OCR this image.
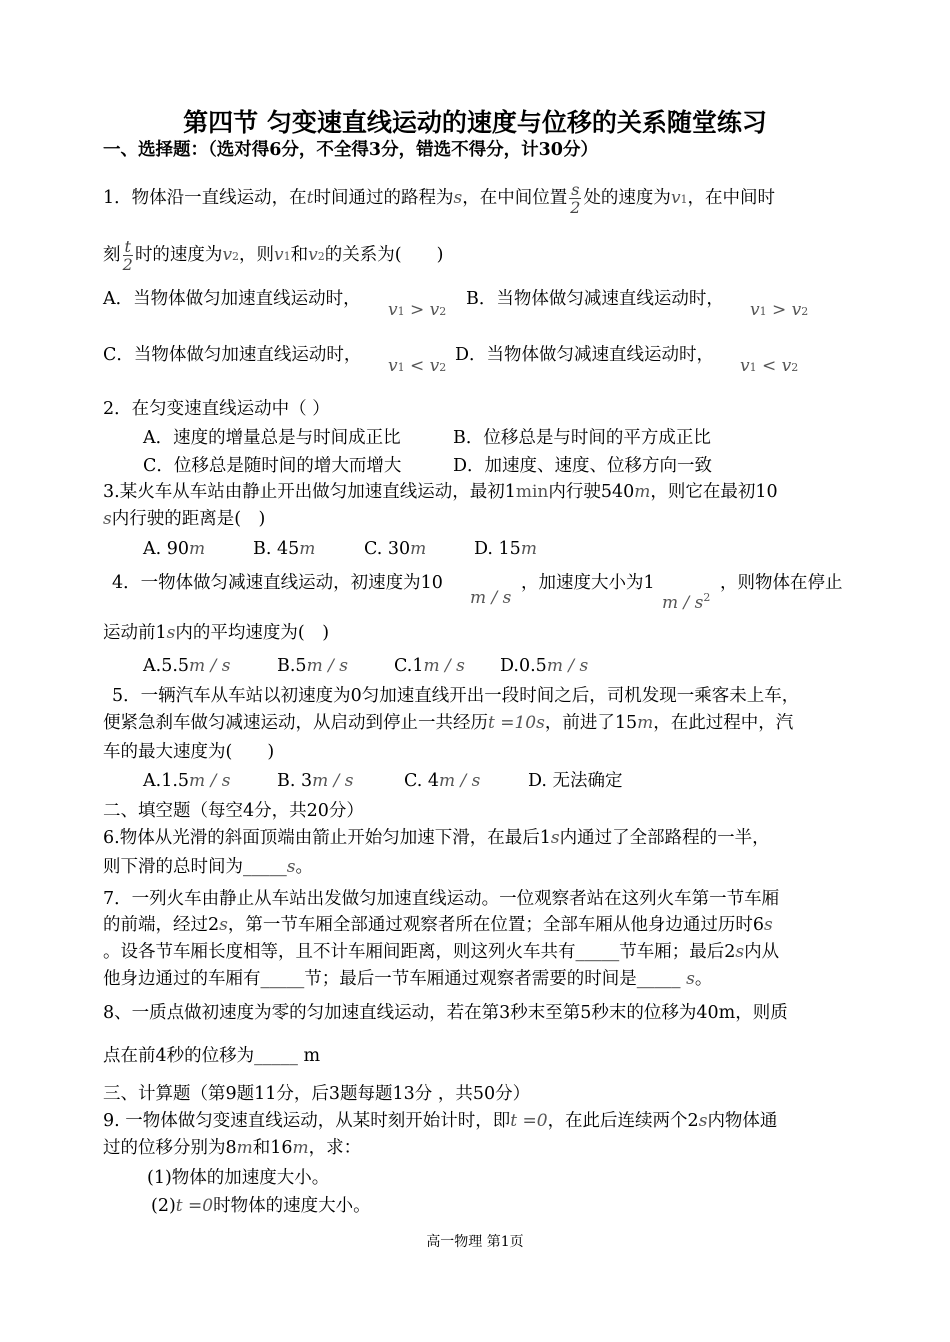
第四节 匀变速直线运动的速度与位移的关系随堂练习
一、选择题：（选对得6分，不全得3分，错选不得分，计30分）
1．物体沿一直线运动，在t时间通过的路程为s，在中间位置 $\frac{s}{2}$ 处的速度为v1，在中间时
刻 $\frac{t}{2}$ 时的速度为v2，则v1和v2的关系为(　　)
A．当物体做匀加速直线运动时，
v1 > v2
B．当物体做匀减速直线运动时，
v1 > v2
C．当物体做匀加速直线运动时，
v1 < v2
D．当物体做匀减速直线运动时，
v1 < v2
2．在匀变速直线运动中（ ）
A．速度的增量总是与时间成正比	B．位移总是与时间的平方成正比
C．位移总是随时间的增大而增大	D．加速度、速度、位移方向一致
3.某火车从车站由静止开出做匀加速直线运动，最初1min内行驶540m，则它在最初10
s内行驶的距离是(　)
A. 90m	B. 45m	C. 30m	D. 15m
4．一物体做匀减速直线运动，初速度为10
m / s
，加速度大小为1
m / $s^2$
，则物体在停止
运动前1s内的平均速度为(　)
A.5.5m / s	B.5m / s	C.1m / s D.0.5m / s
5．一辆汽车从车站以初速度为0匀加速直线开出一段时间之后，司机发现一乘客未上车，
便紧急刹车做匀减速运动，从启动到停止一共经历t =10s，前进了15m，在此过程中，汽
车的最大速度为(　　)
A.1.5m / s	B. 3m / s	C. 4m / s	D. 无法确定
二、填空题（每空4分，共20分）
6.物体从光滑的斜面顶端由箭止开始匀加速下滑，在最后1s内通过了全部路程的一半，
则下滑的总时间为_____s。
7．一列火车由静止从车站出发做匀加速直线运动。一位观察者站在这列火车第一节车厢
的前端，经过2s，第一节车厢全部通过观察者所在位置；全部车厢从他身边通过历时6s
。设各节车厢长度相等，且不计车厢间距离，则这列火车共有_____节车厢；最后2s内从
他身边通过的车厢有_____节；最后一节车厢通过观察者需要的时间是_____ s。
8、一质点做初速度为零的匀加速直线运动，若在第3秒末至第5秒末的位移为40m，则质
点在前4秒的位移为_____ m
三、计算题（第9题11分，后3题每题13分 ，共50分）
9. 一物体做匀变速直线运动，从某时刻开始计时，即t =0，在此后连续两个2s内物体通
过的位移分别为8m和16m，求：
(1)物体的加速度大小。
(2)t =0时物体的速度大小。
高一物理 第1页
